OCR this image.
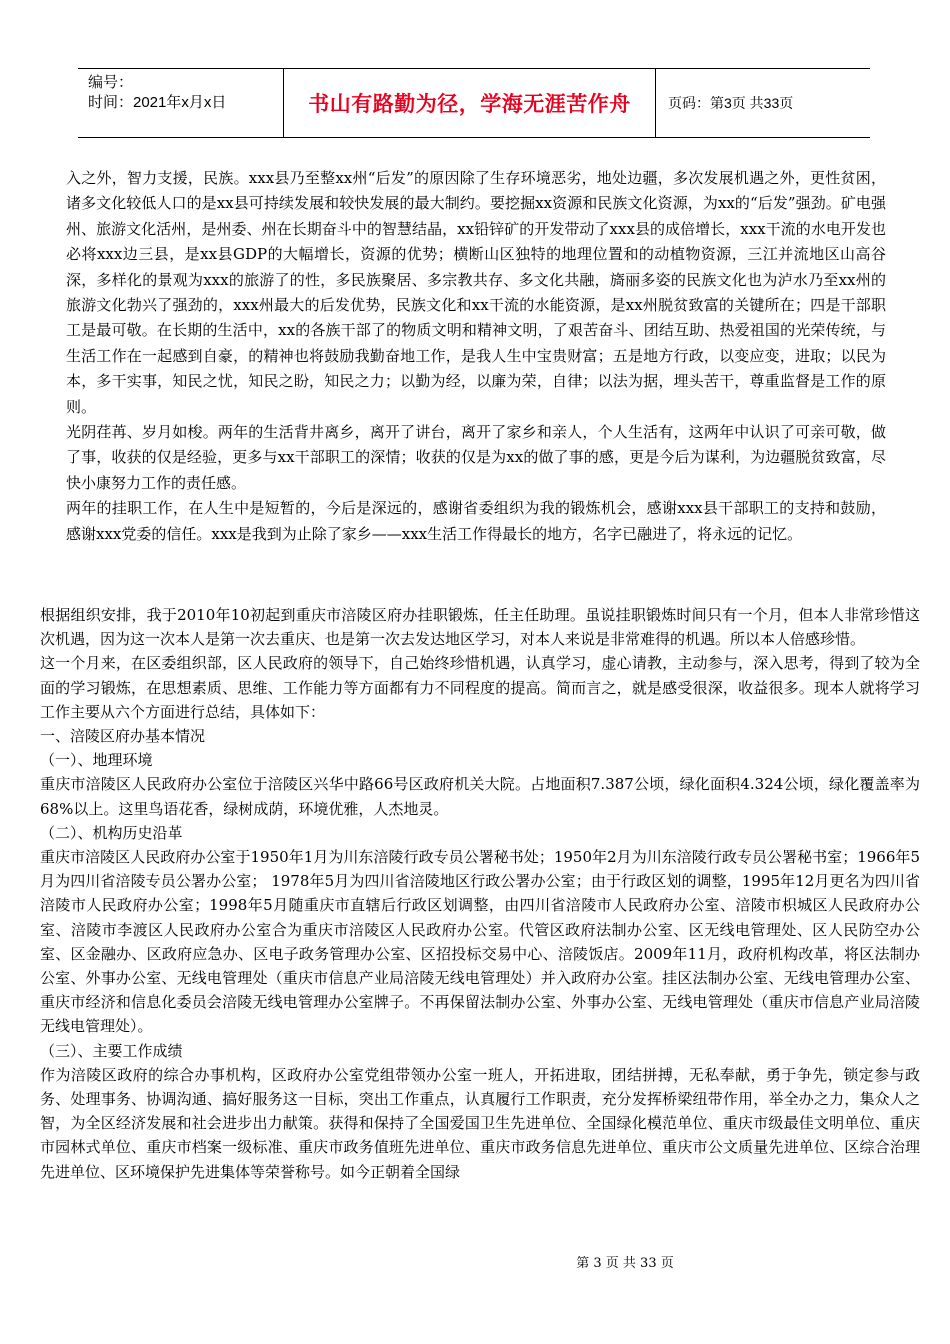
编号：
时间：2021年x月x日	书山有路勤为径，学海无涯苦作舟	页码：第3页 共33页

入之外，智力支援，民族。xxx县乃至整xx州“后发”的原因除了生存环境恶劣，地处边疆，多次发展机遇之外，更性贫困，诸多文化较低人口的是xx县可持续发展和较快发展的最大制约。要挖掘xx资源和民族文化资源，为xx的“后发”强劲。矿电强州、旅游文化活州，是州委、州在长期奋斗中的智慧结晶，xx铅锌矿的开发带动了xxx县的成倍增长，xxx干流的水电开发也必将xxx边三县，是xx县GDP的大幅增长，资源的优势；横断山区独特的地理位置和的动植物资源，三江并流地区山高谷深，多样化的景观为xxx的旅游了的性，多民族聚居、多宗教共存、多文化共融，旖丽多姿的民族文化也为泸水乃至xx州的旅游文化勃兴了强劲的，xxx州最大的后发优势，民族文化和xx干流的水能资源，是xx州脱贫致富的关键所在；四是干部职工是最可敬。在长期的生活中，xx的各族干部了的物质文明和精神文明，了艰苦奋斗、团结互助、热爱祖国的光荣传统，与生活工作在一起感到自豪，的精神也将鼓励我勤奋地工作，是我人生中宝贵财富；五是地方行政，以变应变，进取；以民为本，多干实事，知民之忧，知民之盼，知民之力；以勤为经，以廉为荣，自律；以法为据，埋头苦干，尊重监督是工作的原则。

光阴荏苒、岁月如梭。两年的生活背井离乡，离开了讲台，离开了家乡和亲人，个人生活有，这两年中认识了可亲可敬，做了事，收获的仅是经验，更多与xx干部职工的深情；收获的仅是为xx的做了事的感，更是今后为谋利，为边疆脱贫致富，尽快小康努力工作的责任感。

两年的挂职工作，在人生中是短暂的，今后是深远的，感谢省委组织为我的锻炼机会，感谢xxx县干部职工的支持和鼓励，感谢xxx党委的信任。xxx是我到为止除了家乡——xxx生活工作得最长的地方，名字已融进了，将永远的记忆。

根据组织安排，我于2010年10初起到重庆市涪陵区府办挂职锻炼，任主任助理。虽说挂职锻炼时间只有一个月，但本人非常珍惜这次机遇，因为这一次本人是第一次去重庆、也是第一次去发达地区学习，对本人来说是非常难得的机遇。所以本人倍感珍惜。

这一个月来，在区委组织部，区人民政府的领导下，自己始终珍惜机遇，认真学习，虚心请教，主动参与，深入思考，得到了较为全面的学习锻炼，在思想素质、思维、工作能力等方面都有力不同程度的提高。简而言之，就是感受很深，收益很多。现本人就将学习工作主要从六个方面进行总结，具体如下：

一、涪陵区府办基本情况

（一）、地理环境

重庆市涪陵区人民政府办公室位于涪陵区兴华中路66号区政府机关大院。占地面积7.387公顷，绿化面积4.324公顷，绿化覆盖率为68%以上。这里鸟语花香，绿树成荫，环境优雅，人杰地灵。

（二）、机构历史沿革

重庆市涪陵区人民政府办公室于1950年1月为川东涪陵行政专员公署秘书处；1950年2月为川东涪陵行政专员公署秘书室；1966年5月为四川省涪陵专员公署办公室； 1978年5月为四川省涪陵地区行政公署办公室；由于行政区划的调整，1995年12月更名为四川省涪陵市人民政府办公室；1998年5月随重庆市直辖后行政区划调整，由四川省涪陵市人民政府办公室、涪陵市枳城区人民政府办公室、涪陵市李渡区人民政府办公室合为重庆市涪陵区人民政府办公室。代管区政府法制办公室、区无线电管理处、区人民防空办公室、区金融办、区政府应急办、区电子政务管理办公室、区招投标交易中心、涪陵饭店。2009年11月，政府机构改革，将区法制办公室、外事办公室、无线电管理处（重庆市信息产业局涪陵无线电管理处）并入政府办公室。挂区法制办公室、无线电管理办公室、重庆市经济和信息化委员会涪陵无线电管理办公室牌子。不再保留法制办公室、外事办公室、无线电管理处（重庆市信息产业局涪陵无线电管理处）。

（三）、主要工作成绩

作为涪陵区政府的综合办事机构，区政府办公室党组带领办公室一班人，开拓进取，团结拼搏，无私奉献，勇于争先，锁定参与政务、处理事务、协调沟通、搞好服务这一目标，突出工作重点，认真履行工作职责，充分发挥桥梁纽带作用，举全办之力，集众人之智，为全区经济发展和社会进步出力献策。获得和保持了全国爱国卫生先进单位、全国绿化模范单位、重庆市级最佳文明单位、重庆市园林式单位、重庆市档案一级标准、重庆市政务值班先进单位、重庆市政务信息先进单位、重庆市公文质量先进单位、区综合治理先进单位、区环境保护先进集体等荣誉称号。如今正朝着全国绿

第 3 页 共 33 页
